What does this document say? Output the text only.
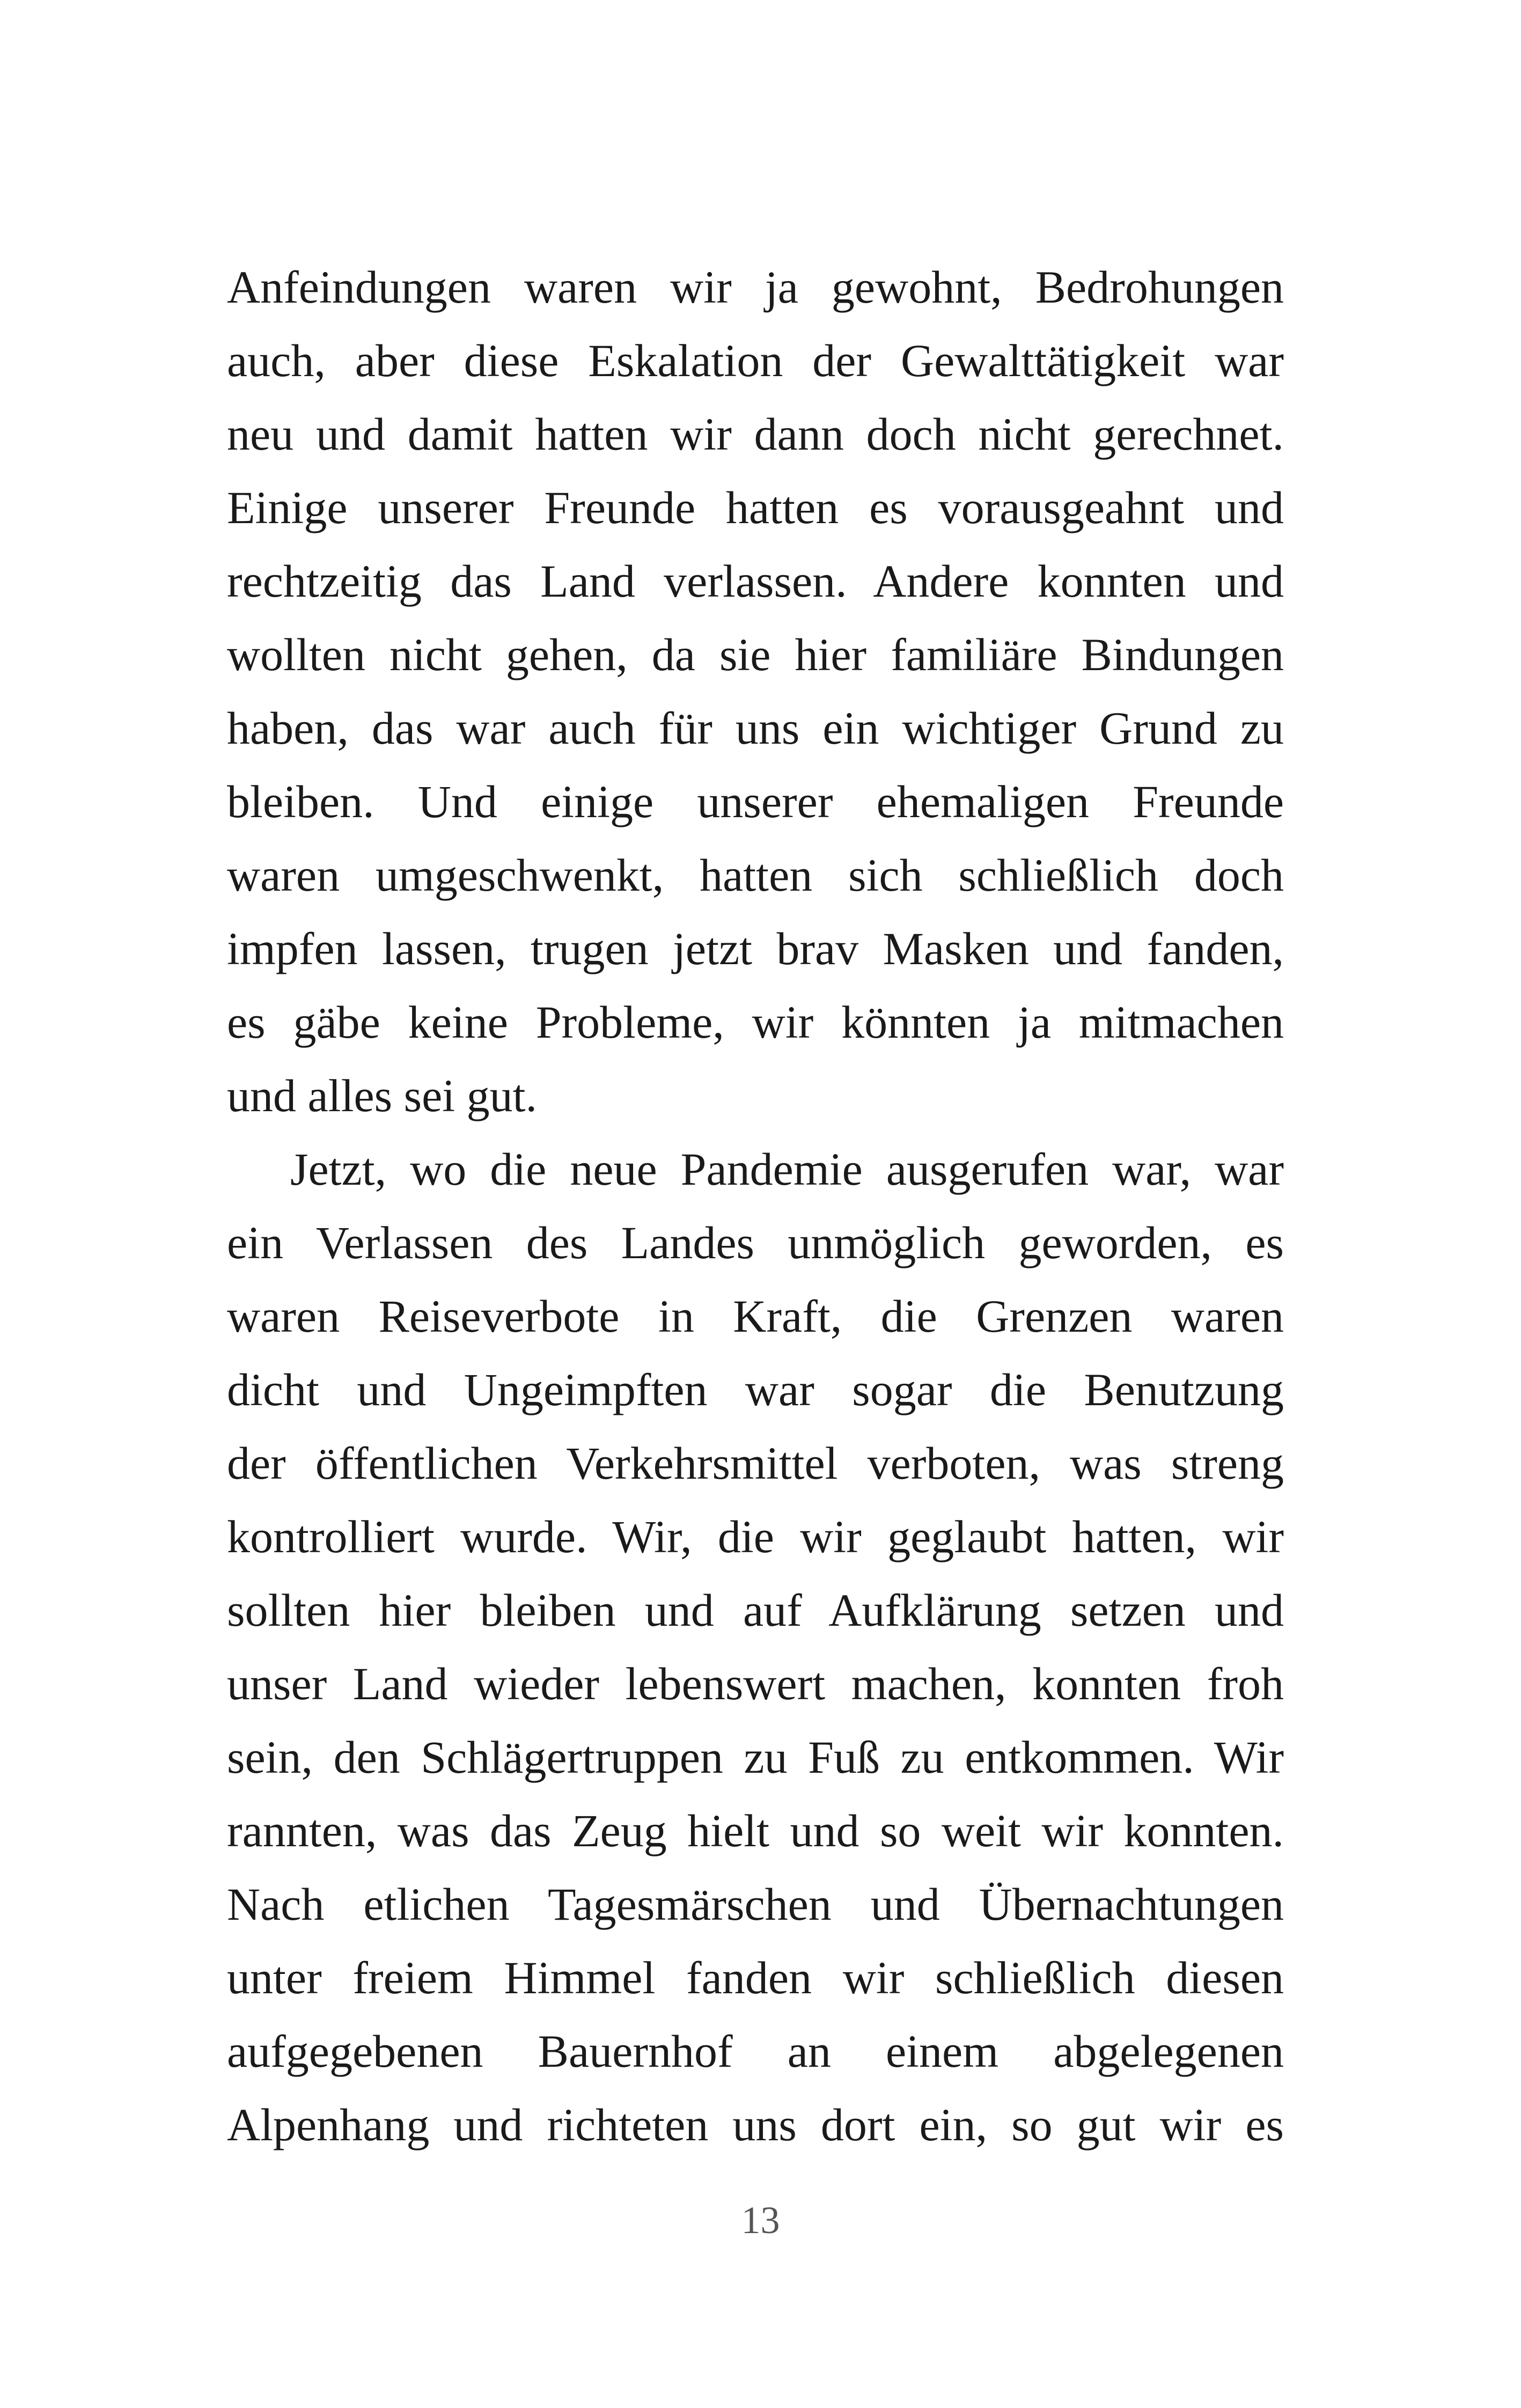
Anfeindungen waren wir ja gewohnt, Bedrohungen
auch, aber diese Eskalation der Gewalttätigkeit war
neu und damit hatten wir dann doch nicht gerechnet.
Einige unserer Freunde hatten es vorausgeahnt und
rechtzeitig das Land verlassen. Andere konnten und
wollten nicht gehen, da sie hier familiäre Bindungen
haben, das war auch für uns ein wichtiger Grund zu
bleiben. Und einige unserer ehemaligen Freunde
waren umgeschwenkt, hatten sich schließlich doch
impfen lassen, trugen jetzt brav Masken und fanden,
es gäbe keine Probleme, wir könnten ja mitmachen
und alles sei gut.
Jetzt, wo die neue Pandemie ausgerufen war, war
ein Verlassen des Landes unmöglich geworden, es
waren Reiseverbote in Kraft, die Grenzen waren
dicht und Ungeimpften war sogar die Benutzung
der öffentlichen Verkehrsmittel verboten, was streng
kontrolliert wurde. Wir, die wir geglaubt hatten, wir
sollten hier bleiben und auf Aufklärung setzen und
unser Land wieder lebenswert machen, konnten froh
sein, den Schlägertruppen zu Fuß zu entkommen. Wir
rannten, was das Zeug hielt und so weit wir konnten.
Nach etlichen Tagesmärschen und Übernachtungen
unter freiem Himmel fanden wir schließlich diesen
aufgegebenen Bauernhof an einem abgelegenen
Alpenhang und richteten uns dort ein, so gut wir es
13
